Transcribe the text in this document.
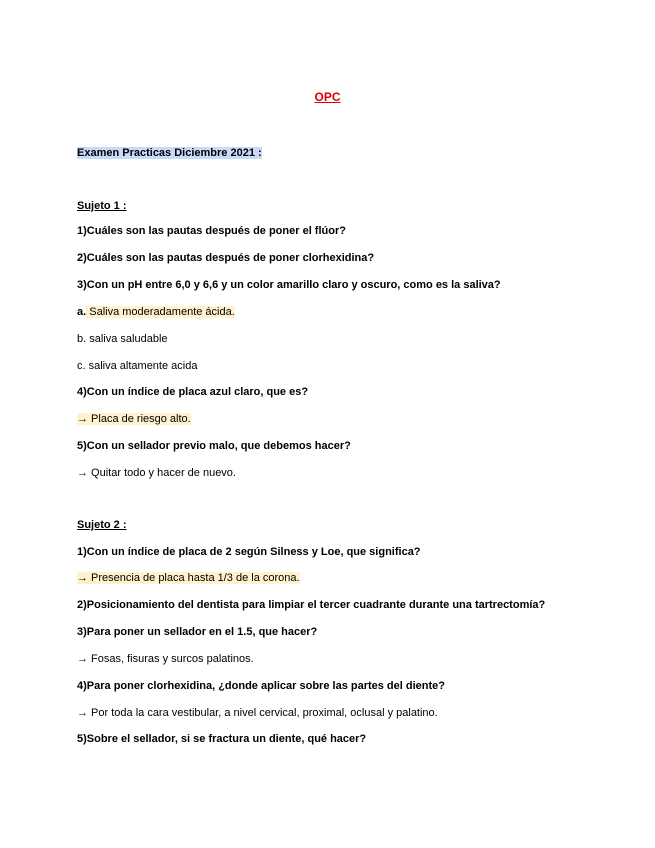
OPC
Examen Practicas Diciembre 2021 :
Sujeto 1 :
1)Cuáles son las pautas después de poner el flúor?
2)Cuáles son las pautas después de poner clorhexidina?
3)Con un pH entre 6,0 y 6,6 y un color amarillo claro y oscuro, como es la saliva?
a. Saliva moderadamente ácida.
b. saliva saludable
c. saliva altamente acida
4)Con un índice de placa azul claro, que es?
→ Placa de riesgo alto.
5)Con un sellador previo malo, que debemos hacer?
→ Quitar todo y hacer de nuevo.
Sujeto 2 :
1)Con un índice de placa de 2 según Silness y Loe, que significa?
→ Presencia de placa hasta 1/3 de la corona.
2)Posicionamiento del dentista para limpiar el tercer cuadrante durante una tartrectomía?
3)Para poner un sellador en el 1.5, que hacer?
→ Fosas, fisuras y surcos palatinos.
4)Para poner clorhexidina, ¿donde aplicar sobre las partes del diente?
→ Por toda la cara vestibular, a nivel cervical, proximal, oclusal y palatino.
5)Sobre el sellador, si se fractura un diente, qué hacer?
